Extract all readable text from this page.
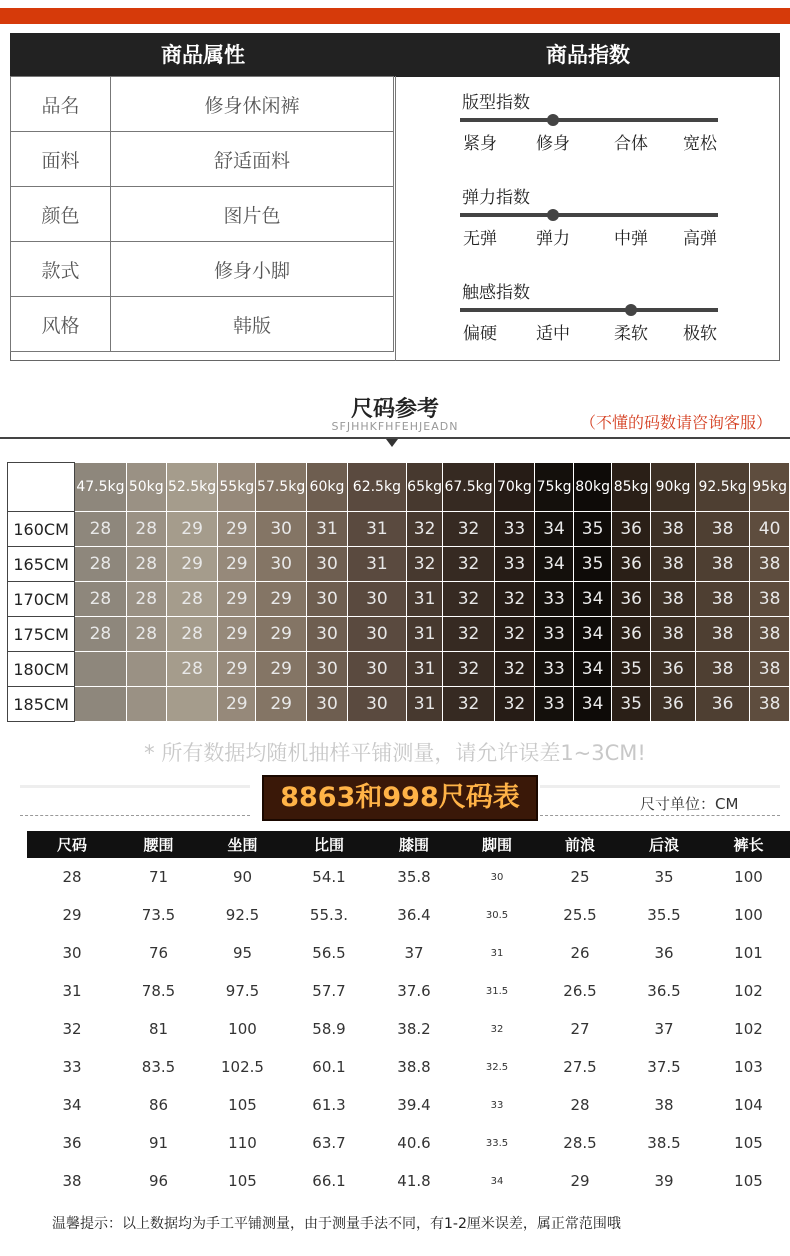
商品属性	商品指数
品名	修身休闲裤
面料	舒适面料
颜色	图片色
款式	修身小脚
风格	韩版
版型指数
紧身	修身	合体	宽松
弹力指数
无弹	弹力	中弹	高弹
触感指数
偏硬	适中	柔软	极软
尺码参考
SFJHHKFHFEHJEADN	（不懂的码数请咨询客服）
身高/体重	47.5kg	50kg	52.5kg	55kg	57.5kg	60kg	62.5kg	65kg	67.5kg	70kg	75kg	80kg	85kg	90kg	92.5kg	95kg
160CM	28	28	29	29	30	31	31	32	32	33	34	35	36	38	38	40
165CM	28	28	29	29	30	30	31	32	32	33	34	35	36	38	38	38
170CM	28	28	28	29	29	30	30	31	32	32	33	34	36	38	38	38
175CM	28	28	28	29	29	30	30	31	32	32	33	34	36	38	38	38
180CM			28	29	29	30	30	31	32	32	33	34	35	36	38	38
185CM				29	29	30	30	31	32	32	33	34	35	36	36	38
* 所有数据均随机抽样平铺测量，请允许误差1~3CM!
8863和998尺码表	尺寸单位：CM
尺码	腰围	坐围	比围	膝围	脚围	前浪	后浪	裤长
28	71	90	54.1	35.8	30	25	35	100
29	73.5	92.5	55.3.	36.4	30.5	25.5	35.5	100
30	76	95	56.5	37	31	26	36	101
31	78.5	97.5	57.7	37.6	31.5	26.5	36.5	102
32	81	100	58.9	38.2	32	27	37	102
33	83.5	102.5	60.1	38.8	32.5	27.5	37.5	103
34	86	105	61.3	39.4	33	28	38	104
36	91	110	63.7	40.6	33.5	28.5	38.5	105
38	96	105	66.1	41.8	34	29	39	105
温馨提示：以上数据均为手工平铺测量，由于测量手法不同，有1-2厘米误差，属正常范围哦
